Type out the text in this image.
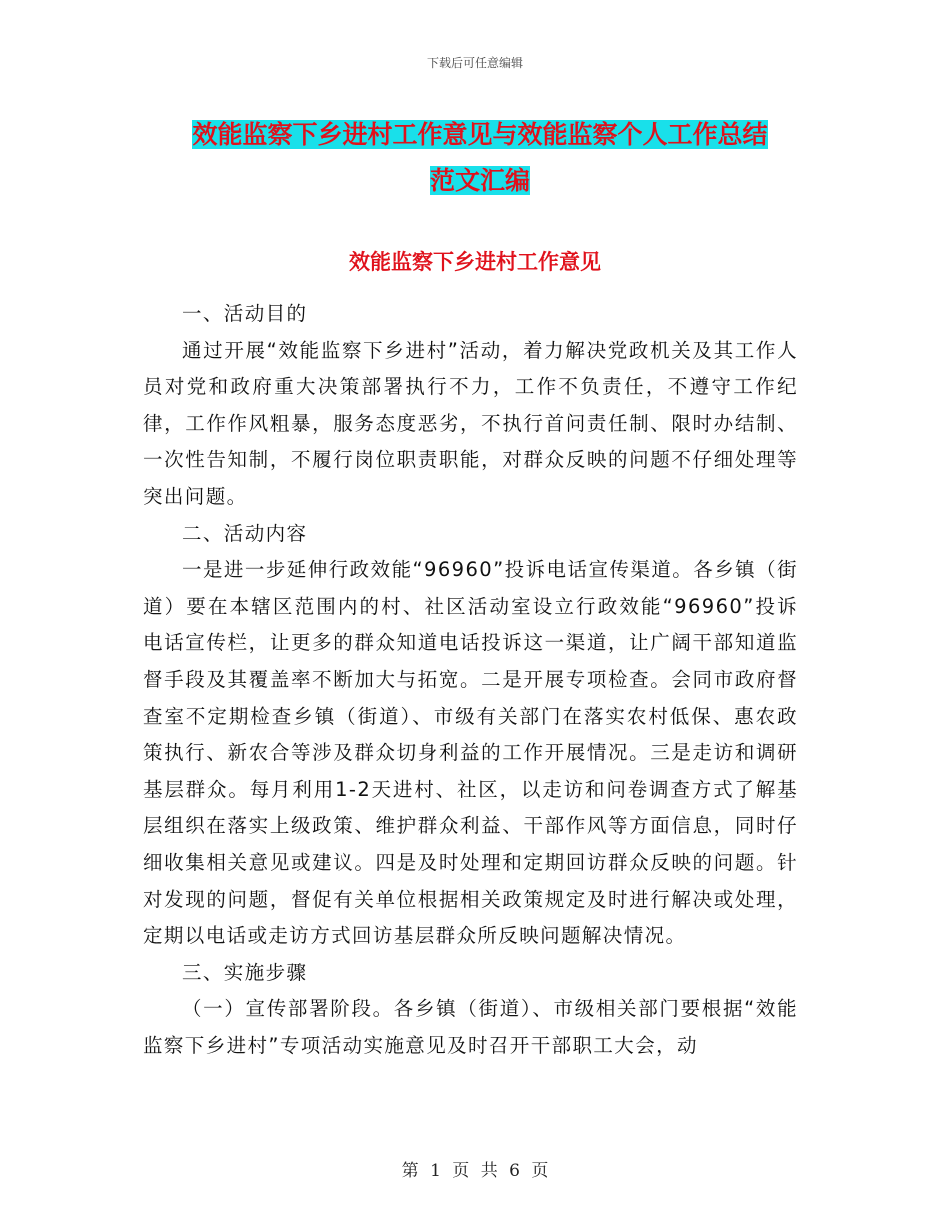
下载后可任意编辑
效能监察下乡进村工作意见与效能监察个人工作总结
范文汇编
效能监察下乡进村工作意见

一、活动目的

通过开展“效能监察下乡进村”活动，着力解决党政机关及其工作人员对党和政府重大决策部署执行不力，工作不负责任，不遵守工作纪律，工作作风粗暴，服务态度恶劣，不执行首问责任制、限时办结制、一次性告知制，不履行岗位职责职能，对群众反映的问题不仔细处理等突出问题。

二、活动内容

一是进一步延伸行政效能“96960”投诉电话宣传渠道。各乡镇（街道）要在本辖区范围内的村、社区活动室设立行政效能“96960”投诉电话宣传栏，让更多的群众知道电话投诉这一渠道，让广阔干部知道监督手段及其覆盖率不断加大与拓宽。二是开展专项检查。会同市政府督查室不定期检查乡镇（街道）、市级有关部门在落实农村低保、惠农政策执行、新农合等涉及群众切身利益的工作开展情况。三是走访和调研基层群众。每月利用1-2天进村、社区，以走访和问卷调查方式了解基层组织在落实上级政策、维护群众利益、干部作风等方面信息，同时仔细收集相关意见或建议。四是及时处理和定期回访群众反映的问题。针对发现的问题，督促有关单位根据相关政策规定及时进行解决或处理，定期以电话或走访方式回访基层群众所反映问题解决情况。

三、实施步骤

（一）宣传部署阶段。各乡镇（街道）、市级相关部门要根据“效能监察下乡进村”专项活动实施意见及时召开干部职工大会，动

第 1 页 共 6 页
